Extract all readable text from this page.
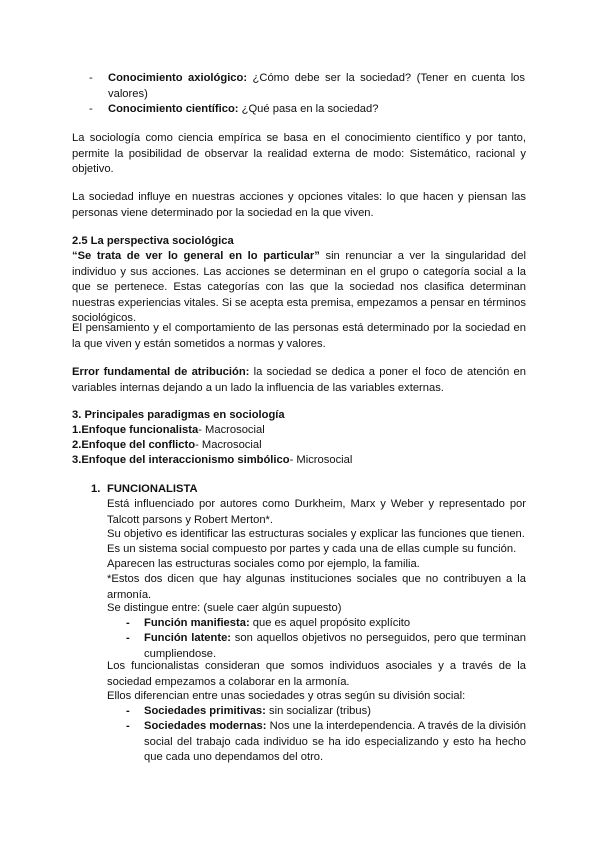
- Conocimiento axiológico: ¿Cómo debe ser la sociedad? (Tener en cuenta los valores)
- Conocimiento científico: ¿Qué pasa en la sociedad?

La sociología como ciencia empírica se basa en el conocimiento científico y por tanto, permite la posibilidad de observar la realidad externa de modo: Sistemático, racional y objetivo.

La sociedad influye en nuestras acciones y opciones vitales: lo que hacen y piensan las personas viene determinado por la sociedad en la que viven.

2.5 La perspectiva sociológica

“Se trata de ver lo general en lo particular” sin renunciar a ver la singularidad del individuo y sus acciones. Las acciones se determinan en el grupo o categoría social a la que se pertenece. Estas categorías con las que la sociedad nos clasifica determinan nuestras experiencias vitales. Si se acepta esta premisa, empezamos a pensar en términos sociológicos.

El pensamiento y el comportamiento de las personas está determinado por la sociedad en la que viven y están sometidos a normas y valores.

Error fundamental de atribución: la sociedad se dedica a poner el foco de atención en variables internas dejando a un lado la influencia de las variables externas.

3. Principales paradigmas en sociología

1.Enfoque funcionalista- Macrosocial

2.Enfoque del conflicto- Macrosocial

3.Enfoque del interaccionismo simbólico- Microsocial

1. FUNCIONALISTA

Está influenciado por autores como Durkheim, Marx y Weber y representado por Talcott parsons y Robert Merton*.

Su objetivo es identificar las estructuras sociales y explicar las funciones que tienen.

Es un sistema social compuesto por partes y cada una de ellas cumple su función.

Aparecen las estructuras sociales como por ejemplo, la familia.

*Estos dos dicen que hay algunas instituciones sociales que no contribuyen a la armonía.

Se distingue entre: (suele caer algún supuesto)

- Función manifiesta: que es aquel propósito explícito
- Función latente: son aquellos objetivos no perseguidos, pero que terminan cumpliendose.

Los funcionalistas consideran que somos individuos asociales y a través de la sociedad empezamos a colaborar en la armonía.

Ellos diferencian entre unas sociedades y otras según su división social:

- Sociedades primitivas: sin socializar (tribus)
- Sociedades modernas: Nos une la interdependencia. A través de la división social del trabajo cada individuo se ha ido especializando y esto ha hecho que cada uno dependamos del otro.
